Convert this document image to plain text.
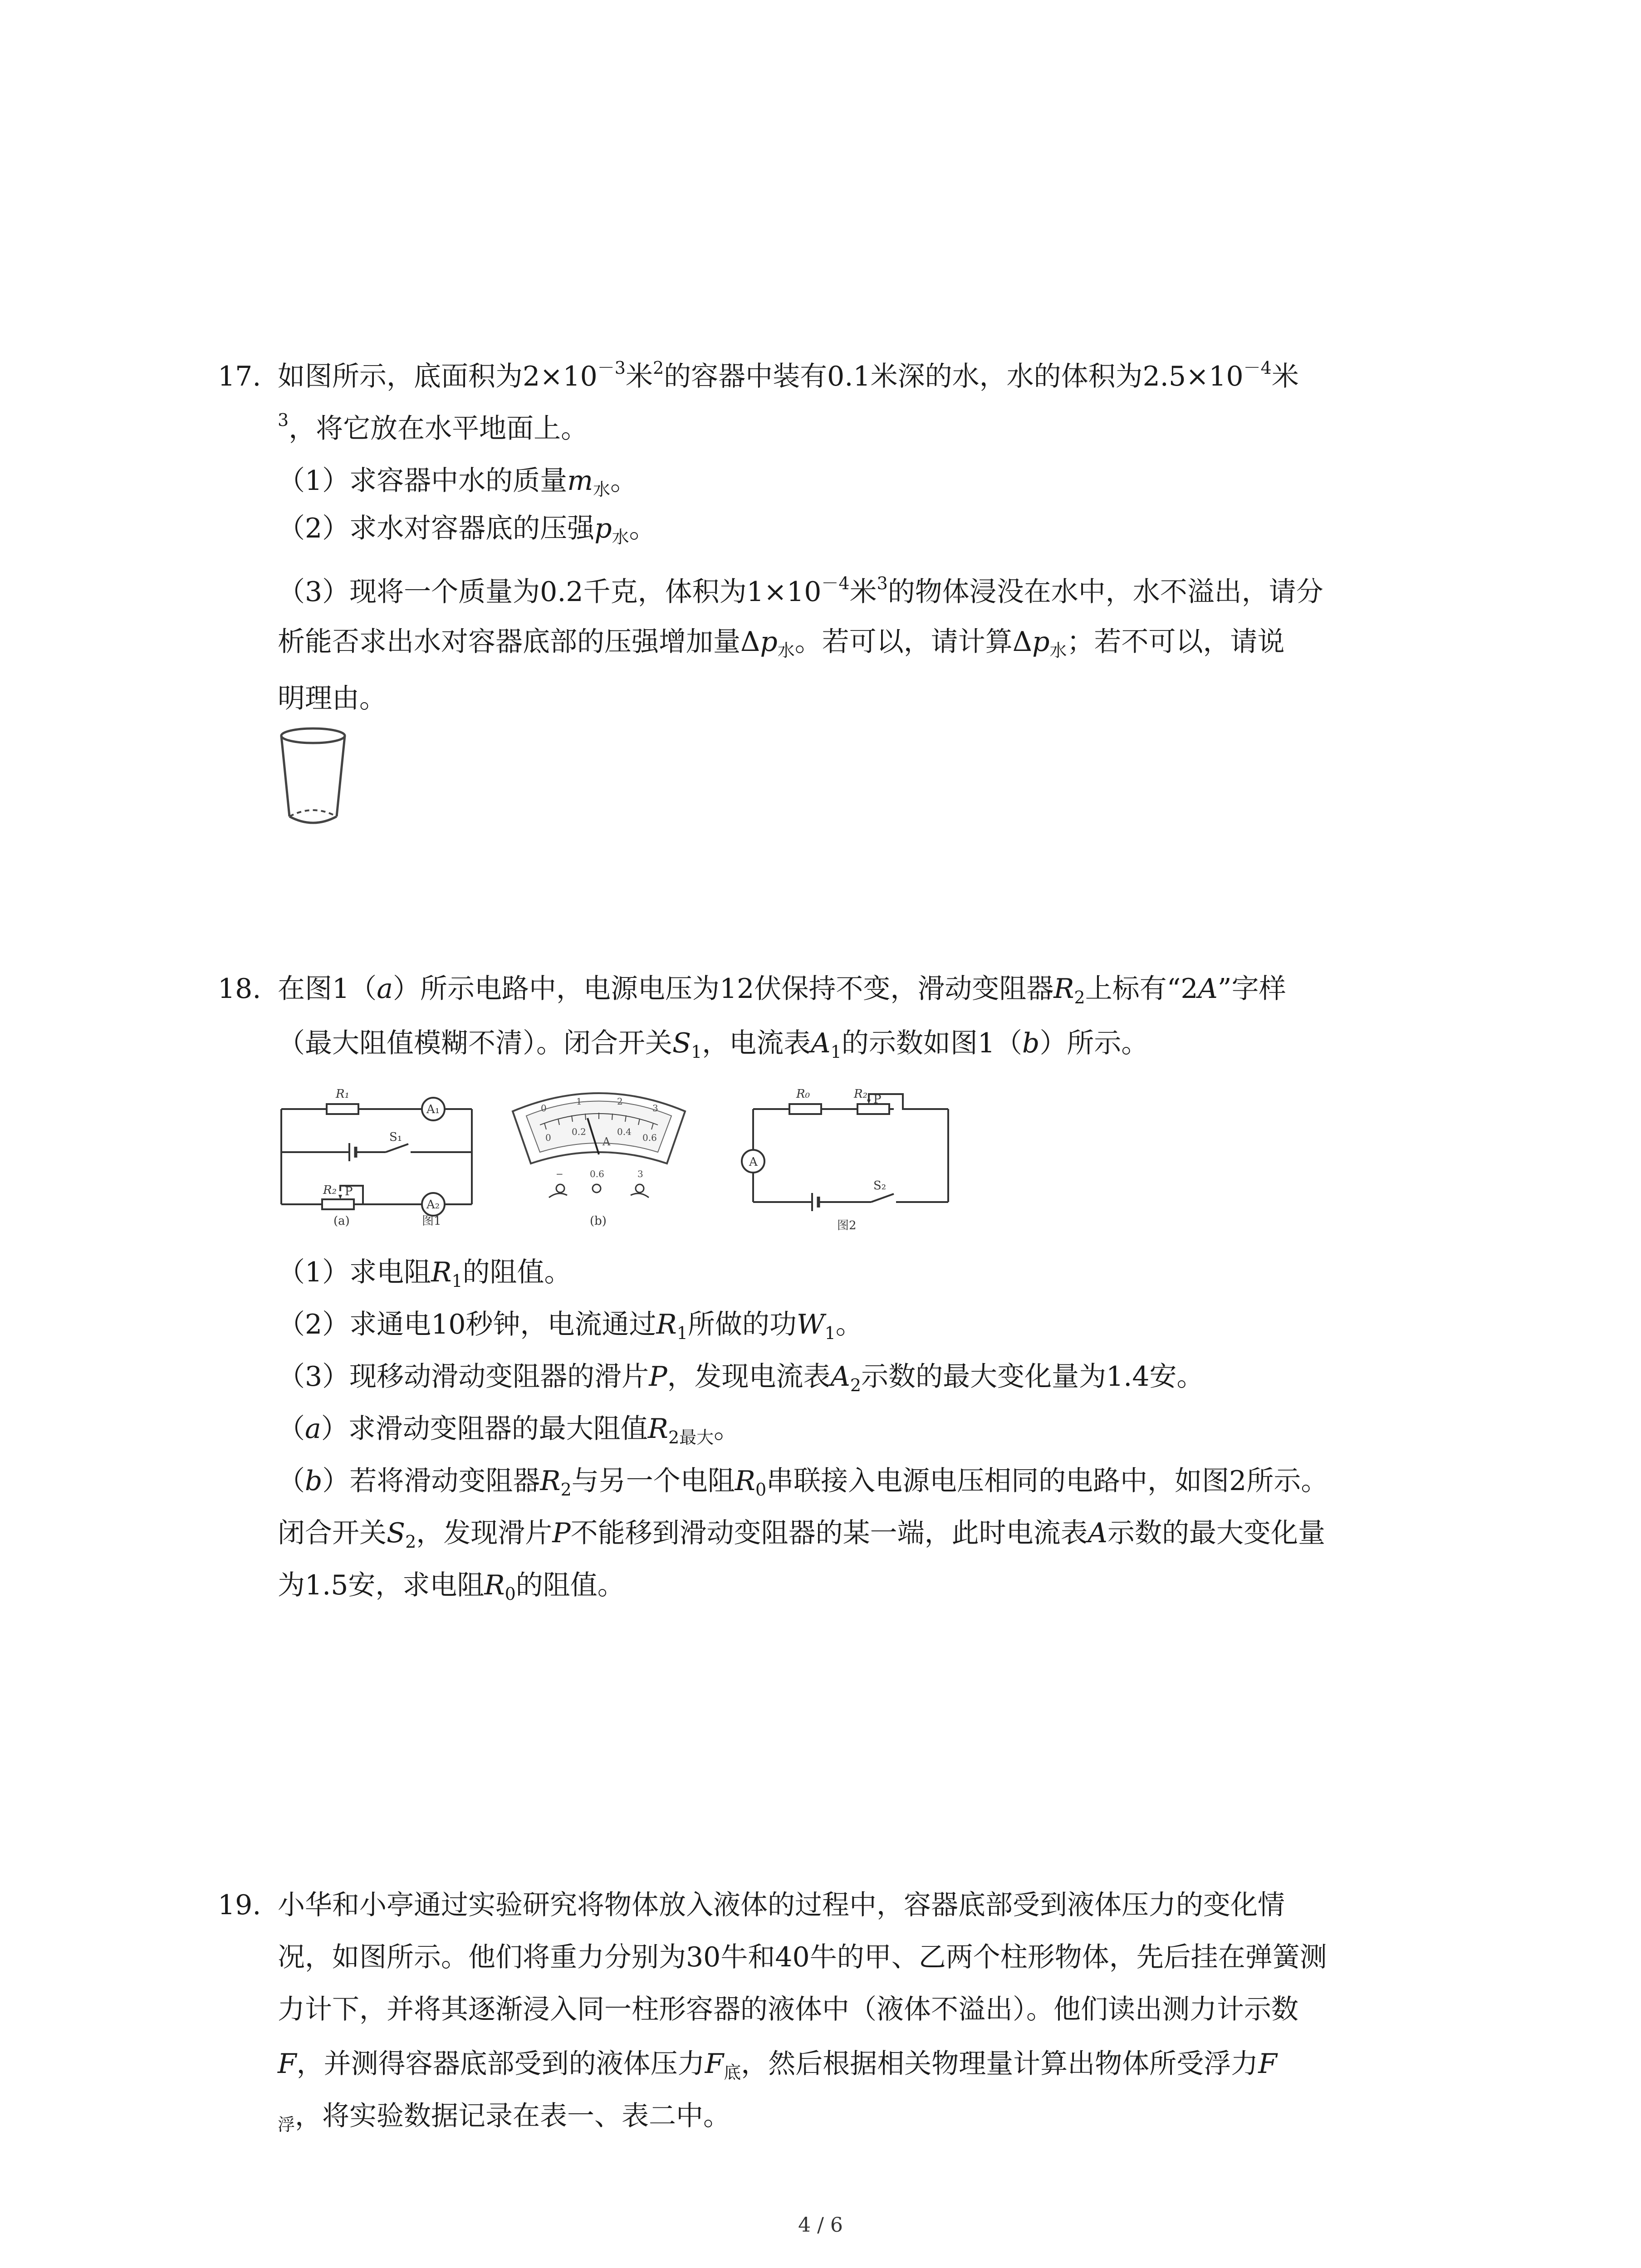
17. 如图所示，底面积为$2\times 10^{-3}$米$^2$的容器中装有0.1米深的水，水的体积为$2.5\times 10^{-4}$米
$^3$，将它放在水平地面上。
（1）求容器中水的质量$m_水$。
（2）求水对容器底的压强$p_水$。
（3）现将一个质量为0.2千克，体积为$1\times 10^{-4}$米$^3$的物体浸没在水中，水不溢出，请分
析能否求出水对容器底部的压强增加量$\Delta p_水$。若可以，请计算$\Delta p_水$；若不可以，请说
明理由。
18. 在图1（a）所示电路中，电源电压为12伏保持不变，滑动变阻器$R_2$上标有“2A”字样
（最大阻值模糊不清）。闭合开关$S_1$，电流表$A_1$的示数如图1（b）所示。
R₁
A₁
S₁
R₂ P
A₂
(a)	图1
0
1	2
3
0
0.2	0.4
0.6
A
−	0.6	3
(b)
R₀	R₂ P
A
S₂
图2
（1）求电阻$R_1$的阻值。
（2）求通电10秒钟，电流通过$R_1$所做的功$W_1$。
（3）现移动滑动变阻器的滑片P，发现电流表$A_2$示数的最大变化量为1.4安。
（a）求滑动变阻器的最大阻值$R_{2最大}$。
（b）若将滑动变阻器$R_2$与另一个电阻$R_0$串联接入电源电压相同的电路中，如图2所示。
闭合开关$S_2$，发现滑片P不能移到滑动变阻器的某一端，此时电流表A示数的最大变化量
为1.5安，求电阻$R_0$的阻值。
19. 小华和小亭通过实验研究将物体放入液体的过程中，容器底部受到液体压力的变化情
况，如图所示。他们将重力分别为30牛和40牛的甲、乙两个柱形物体，先后挂在弹簧测
力计下，并将其逐渐浸入同一柱形容器的液体中（液体不溢出）。他们读出测力计示数
F，并测得容器底部受到的液体压力$F_底$，然后根据相关物理量计算出物体所受浮力F
$_浮$，将实验数据记录在表一、表二中。
4 / 6
